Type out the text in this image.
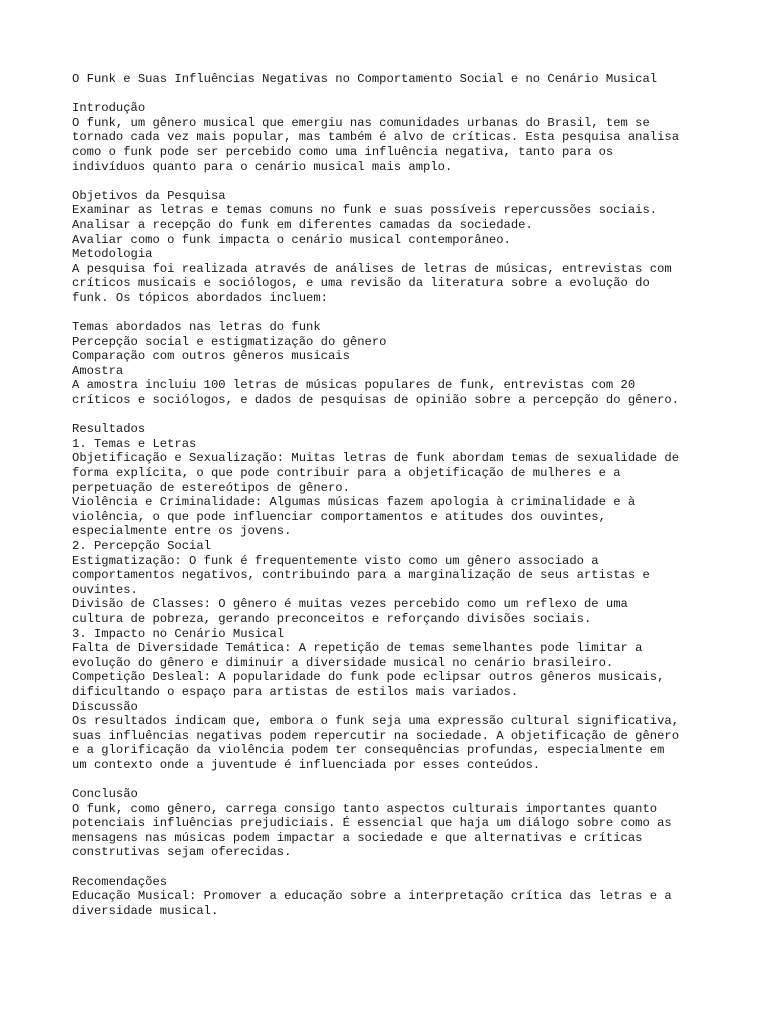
O Funk e Suas Influências Negativas no Comportamento Social e no Cenário Musical
Introdução
O funk, um gênero musical que emergiu nas comunidades urbanas do Brasil, tem se
tornado cada vez mais popular, mas também é alvo de críticas. Esta pesquisa analisa
como o funk pode ser percebido como uma influência negativa, tanto para os
indivíduos quanto para o cenário musical mais amplo.
Objetivos da Pesquisa
Examinar as letras e temas comuns no funk e suas possíveis repercussões sociais.
Analisar a recepção do funk em diferentes camadas da sociedade.
Avaliar como o funk impacta o cenário musical contemporâneo.
Metodologia
A pesquisa foi realizada através de análises de letras de músicas, entrevistas com
críticos musicais e sociólogos, e uma revisão da literatura sobre a evolução do
funk. Os tópicos abordados incluem:
Temas abordados nas letras do funk
Percepção social e estigmatização do gênero
Comparação com outros gêneros musicais
Amostra
A amostra incluiu 100 letras de músicas populares de funk, entrevistas com 20
críticos e sociólogos, e dados de pesquisas de opinião sobre a percepção do gênero.
Resultados
1. Temas e Letras
Objetificação e Sexualização: Muitas letras de funk abordam temas de sexualidade de
forma explícita, o que pode contribuir para a objetificação de mulheres e a
perpetuação de estereótipos de gênero.
Violência e Criminalidade: Algumas músicas fazem apologia à criminalidade e à
violência, o que pode influenciar comportamentos e atitudes dos ouvintes,
especialmente entre os jovens.
2. Percepção Social
Estigmatização: O funk é frequentemente visto como um gênero associado a
comportamentos negativos, contribuindo para a marginalização de seus artistas e
ouvintes.
Divisão de Classes: O gênero é muitas vezes percebido como um reflexo de uma
cultura de pobreza, gerando preconceitos e reforçando divisões sociais.
3. Impacto no Cenário Musical
Falta de Diversidade Temática: A repetição de temas semelhantes pode limitar a
evolução do gênero e diminuir a diversidade musical no cenário brasileiro.
Competição Desleal: A popularidade do funk pode eclipsar outros gêneros musicais,
dificultando o espaço para artistas de estilos mais variados.
Discussão
Os resultados indicam que, embora o funk seja uma expressão cultural significativa,
suas influências negativas podem repercutir na sociedade. A objetificação de gênero
e a glorificação da violência podem ter consequências profundas, especialmente em
um contexto onde a juventude é influenciada por esses conteúdos.
Conclusão
O funk, como gênero, carrega consigo tanto aspectos culturais importantes quanto
potenciais influências prejudiciais. É essencial que haja um diálogo sobre como as
mensagens nas músicas podem impactar a sociedade e que alternativas e críticas
construtivas sejam oferecidas.
Recomendações
Educação Musical: Promover a educação sobre a interpretação crítica das letras e a
diversidade musical.
